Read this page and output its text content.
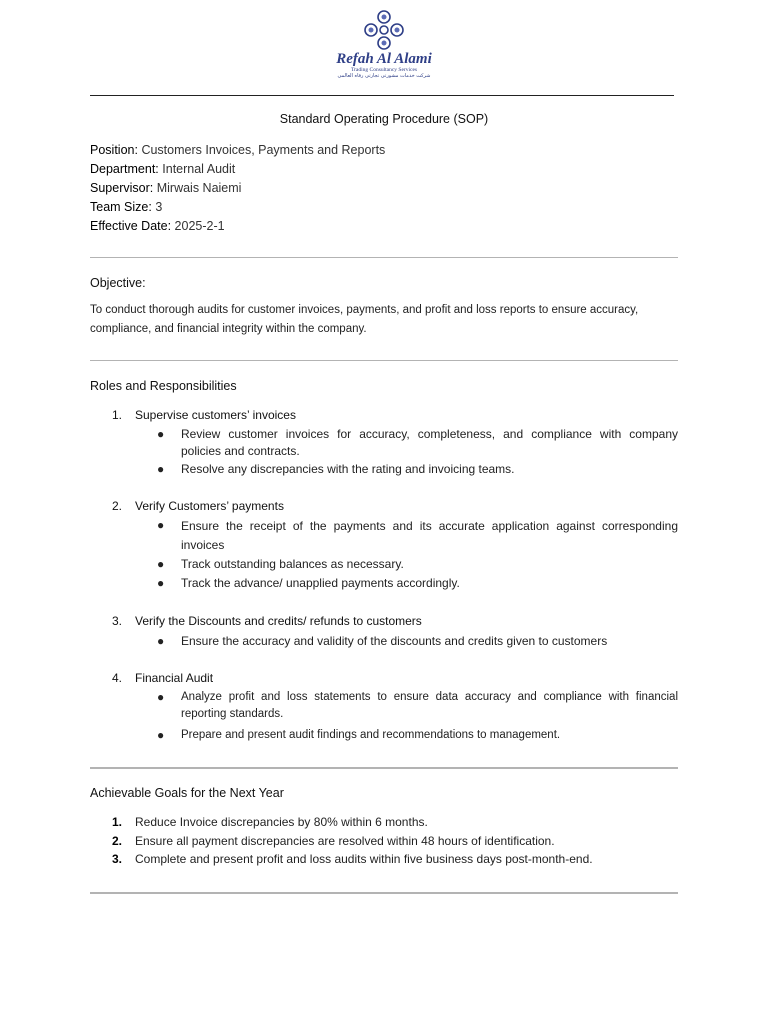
Refah Al Alami
Trading Consultancy Services
شرکت خدمات مشورتی تجارتی رفاه العالمی
Standard Operating Procedure (SOP)
Position: Customers Invoices, Payments and Reports
Department: Internal Audit
Supervisor: Mirwais Naiemi
Team Size: 3
Effective Date: 2025-2-1
Objective:
To conduct thorough audits for customer invoices, payments, and profit and loss reports to ensure accuracy,
compliance, and financial integrity within the company.
Roles and Responsibilities
1. Supervise customers’ invoices
● Review customer invoices for accuracy, completeness, and compliance with company policies and contracts.
● Resolve any discrepancies with the rating and invoicing teams.
2. Verify Customers’ payments
● Ensure the receipt of the payments and its accurate application against corresponding invoices
● Track outstanding balances as necessary.
● Track the advance/ unapplied payments accordingly.
3. Verify the Discounts and credits/ refunds to customers
● Ensure the accuracy and validity of the discounts and credits given to customers
4. Financial Audit
● Analyze profit and loss statements to ensure data accuracy and compliance with financial reporting standards.
● Prepare and present audit findings and recommendations to management.
Achievable Goals for the Next Year
1. Reduce Invoice discrepancies by 80% within 6 months.
2. Ensure all payment discrepancies are resolved within 48 hours of identification.
3. Complete and present profit and loss audits within five business days post-month-end.
